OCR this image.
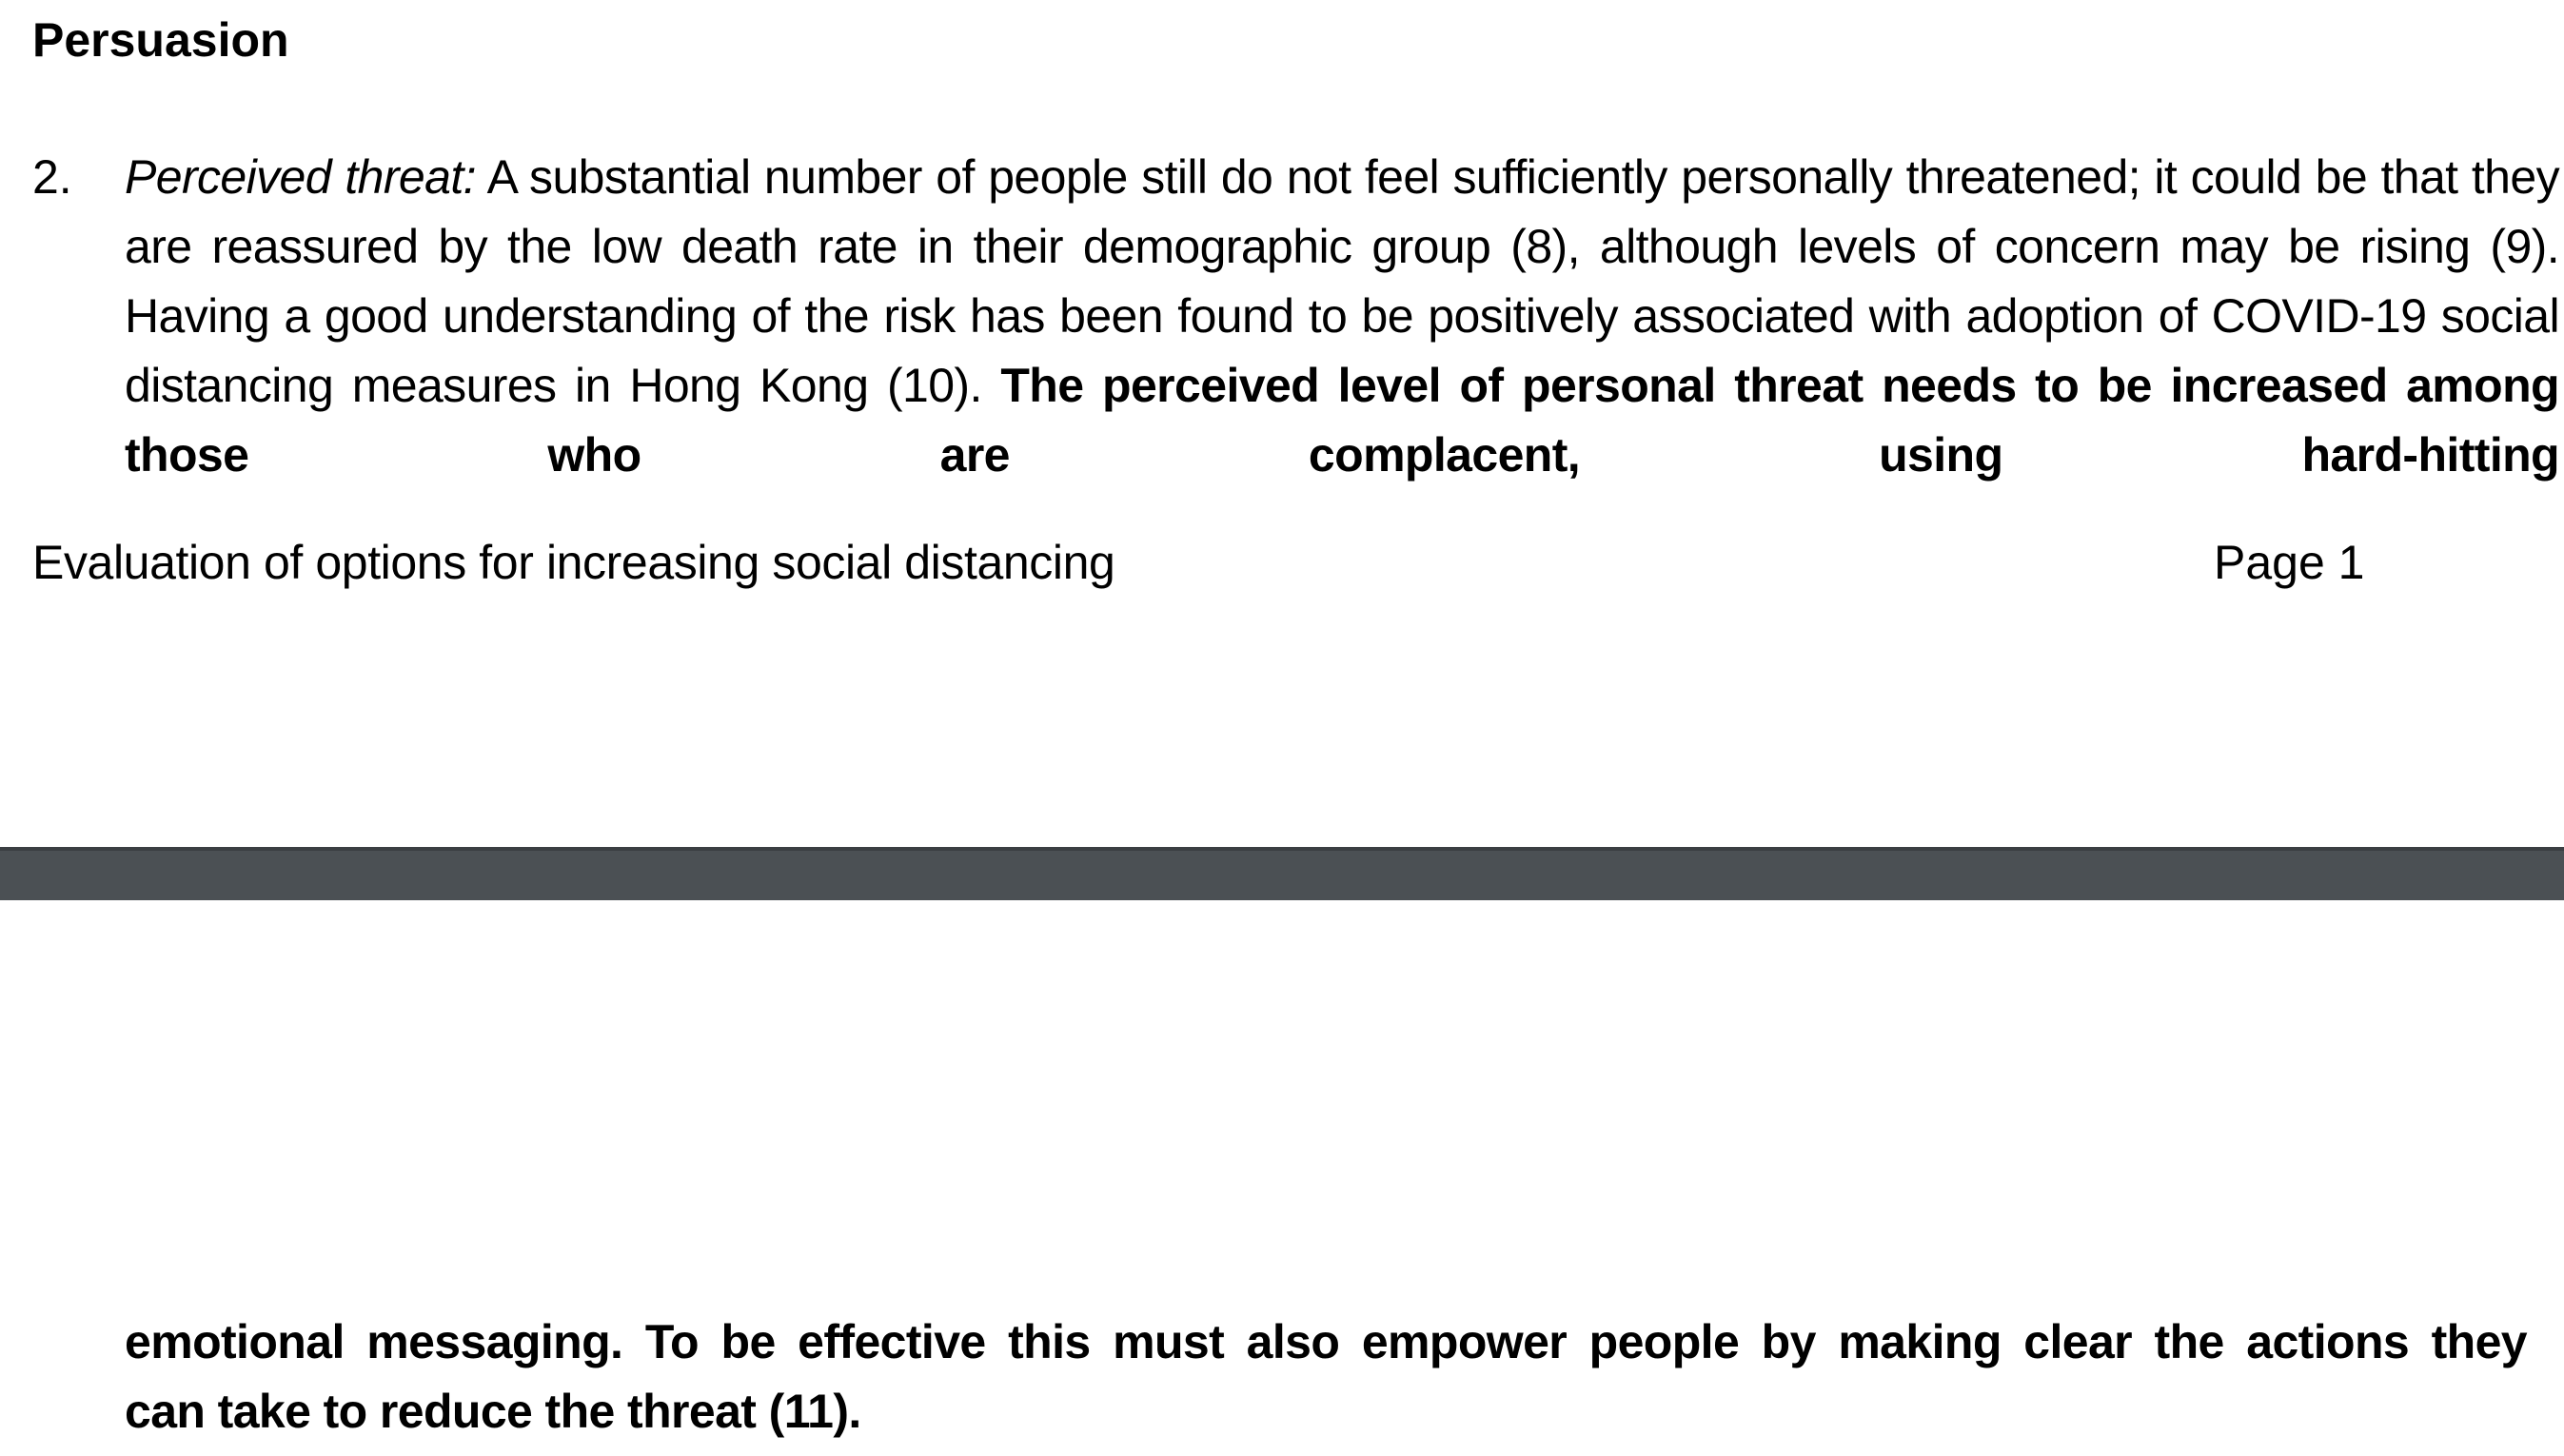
Persuasion
2. Perceived threat: A substantial number of people still do not feel sufficiently personally threatened; it could be that they are reassured by the low death rate in their demographic group (8), although levels of concern may be rising (9). Having a good understanding of the risk has been found to be positively associated with adoption of COVID-19 social distancing measures in Hong Kong (10). The perceived level of personal threat needs to be increased among those who are complacent, using hard-hitting
Evaluation of options for increasing social distancing	Page 1
emotional messaging. To be effective this must also empower people by making clear the actions they
can take to reduce the threat (11).
